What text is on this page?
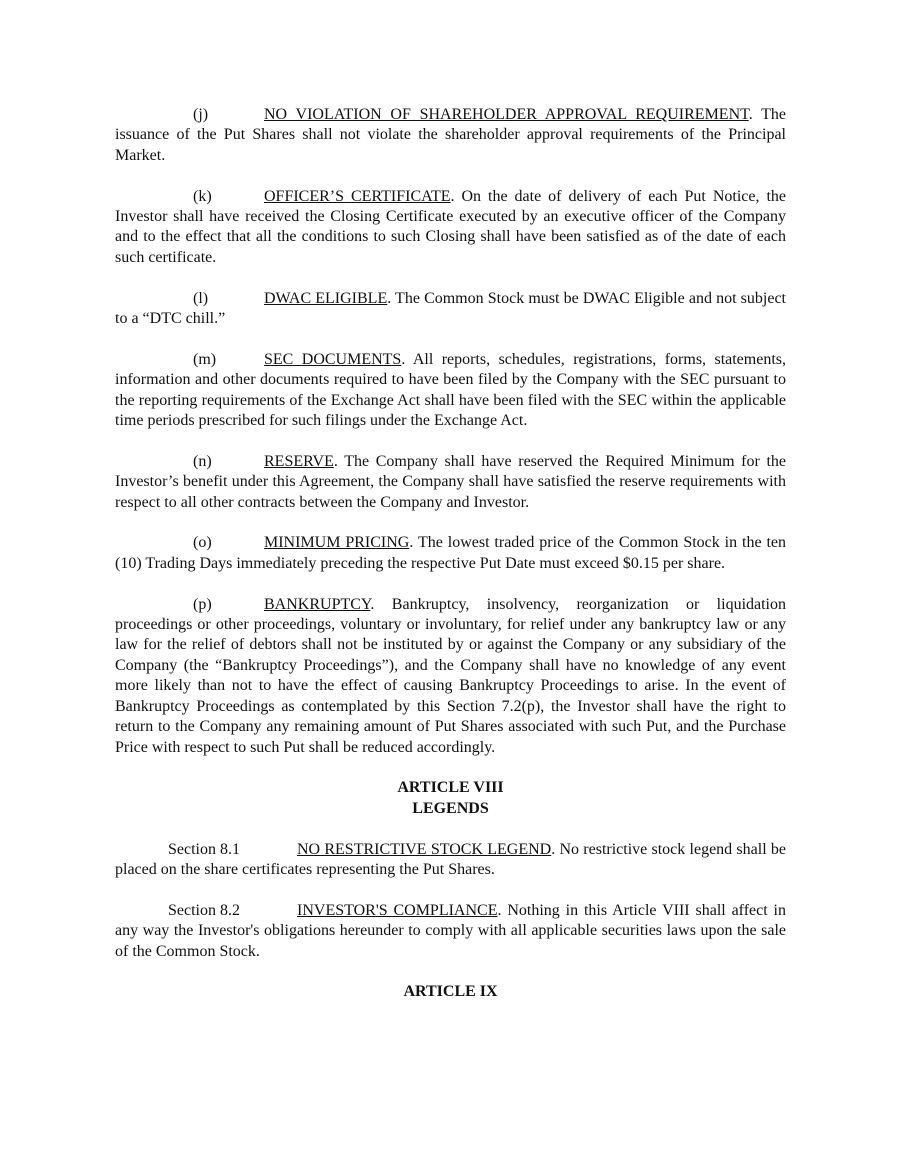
(j)	NO VIOLATION OF SHAREHOLDER APPROVAL REQUIREMENT. The issuance of the Put Shares shall not violate the shareholder approval requirements of the Principal Market.

(k)	OFFICER’S CERTIFICATE. On the date of delivery of each Put Notice, the Investor shall have received the Closing Certificate executed by an executive officer of the Company and to the effect that all the conditions to such Closing shall have been satisfied as of the date of each such certificate.

(l)	DWAC ELIGIBLE. The Common Stock must be DWAC Eligible and not subject to a “DTC chill.”

(m)	SEC DOCUMENTS. All reports, schedules, registrations, forms, statements, information and other documents required to have been filed by the Company with the SEC pursuant to the reporting requirements of the Exchange Act shall have been filed with the SEC within the applicable time periods prescribed for such filings under the Exchange Act.

(n)	RESERVE. The Company shall have reserved the Required Minimum for the Investor’s benefit under this Agreement, the Company shall have satisfied the reserve requirements with respect to all other contracts between the Company and Investor.

(o)	MINIMUM PRICING. The lowest traded price of the Common Stock in the ten (10) Trading Days immediately preceding the respective Put Date must exceed $0.15 per share.

(p)	BANKRUPTCY. Bankruptcy, insolvency, reorganization or liquidation proceedings or other proceedings, voluntary or involuntary, for relief under any bankruptcy law or any law for the relief of debtors shall not be instituted by or against the Company or any subsidiary of the Company (the “Bankruptcy Proceedings”), and the Company shall have no knowledge of any event more likely than not to have the effect of causing Bankruptcy Proceedings to arise. In the event of Bankruptcy Proceedings as contemplated by this Section 7.2(p), the Investor shall have the right to return to the Company any remaining amount of Put Shares associated with such Put, and the Purchase Price with respect to such Put shall be reduced accordingly.

ARTICLE VIII

LEGENDS

Section 8.1	NO RESTRICTIVE STOCK LEGEND. No restrictive stock legend shall be placed on the share certificates representing the Put Shares.

Section 8.2	INVESTOR'S COMPLIANCE. Nothing in this Article VIII shall affect in any way the Investor's obligations hereunder to comply with all applicable securities laws upon the sale of the Common Stock.

ARTICLE IX
